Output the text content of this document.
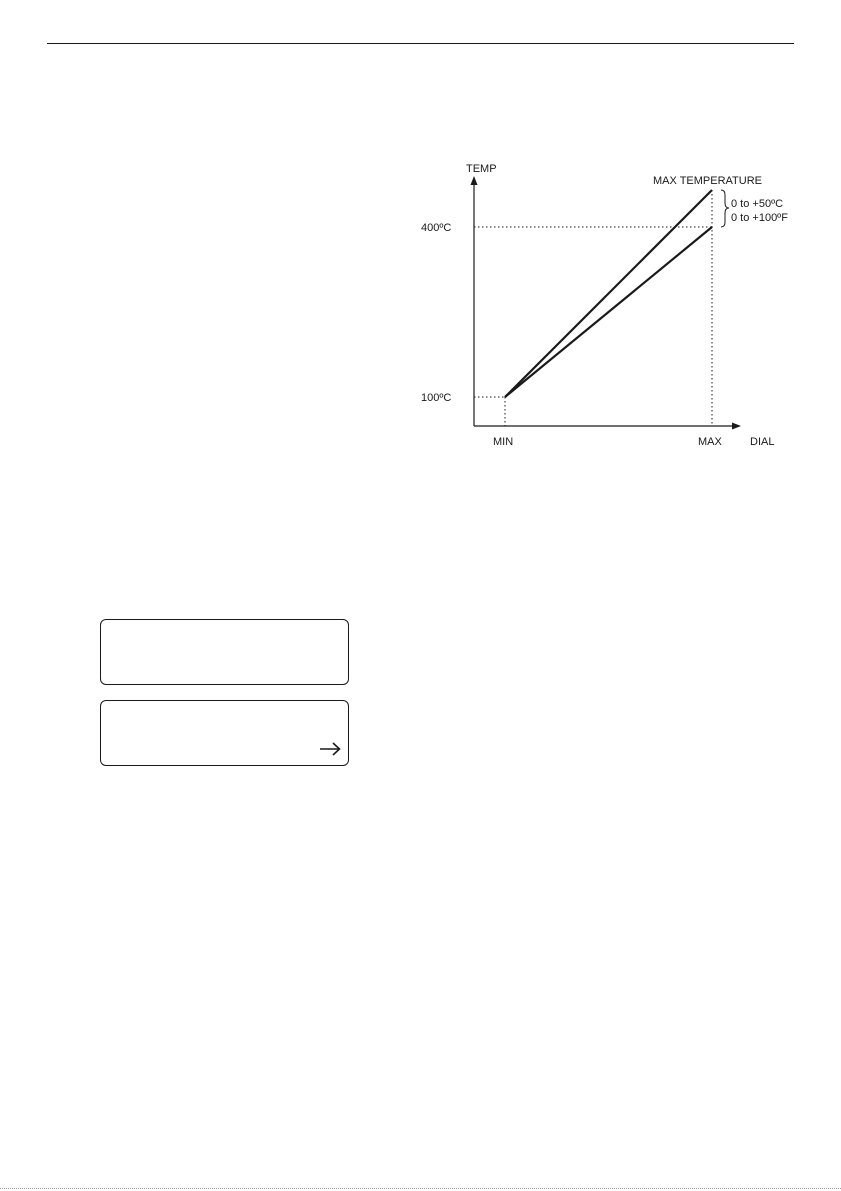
TEMP
DIAL
400ºC
100ºC
MIN	MAX
MAX TEMPERATURE
0 to +50ºC
0 to +100ºF
